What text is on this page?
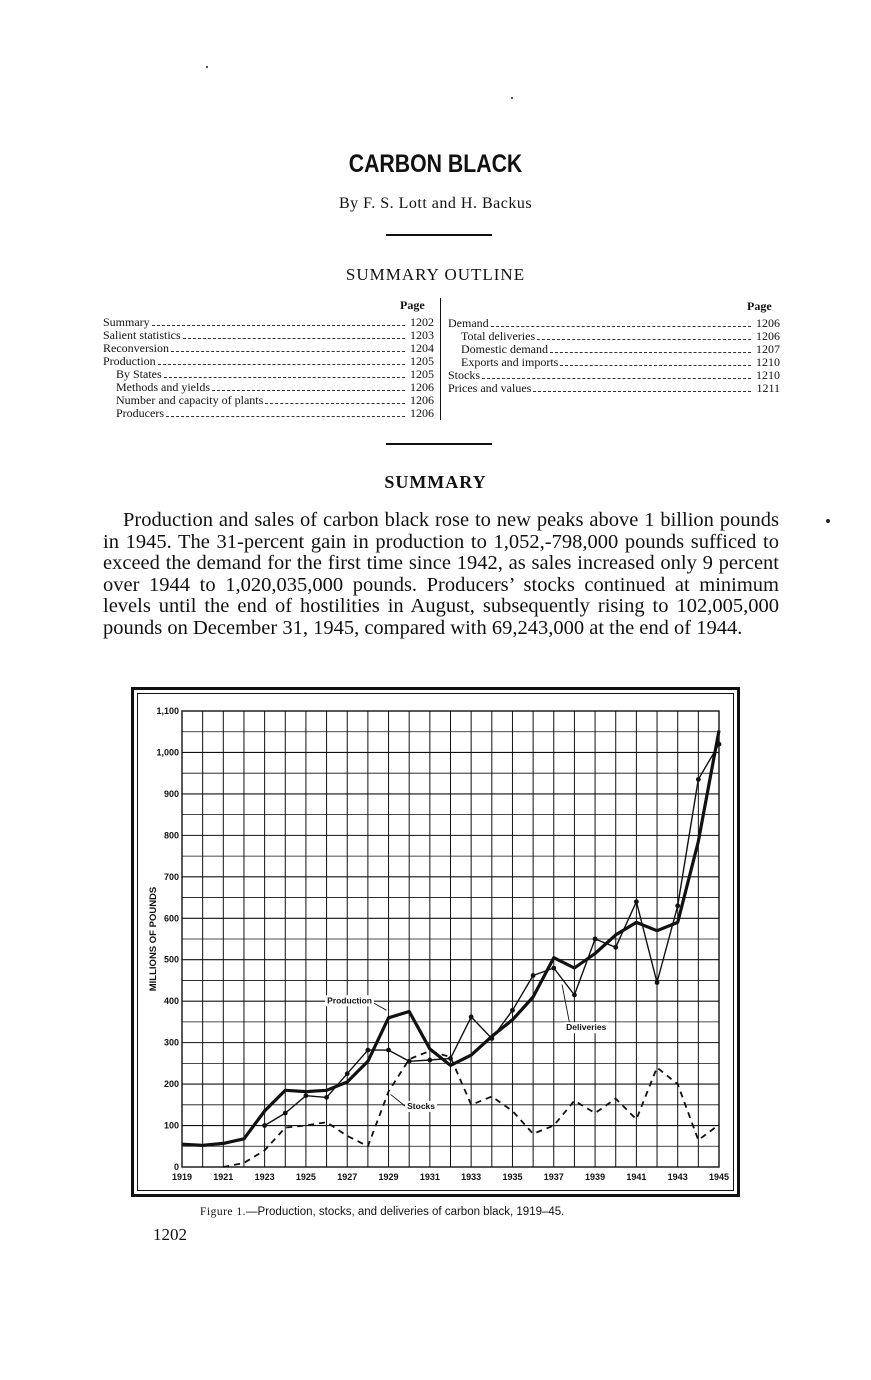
CARBON BLACK
By F. S. Lott and H. Backus
SUMMARY OUTLINE
Page	Page
Summary	1202
Salient statistics	1203
Reconversion	1204
Production	1205
By States	1205
Methods and yields	1206
Number and capacity of plants	1206
Producers	1206
Demand	1206
Total deliveries	1206
Domestic demand	1207
Exports and imports	1210
Stocks	1210
Prices and values	1211
SUMMARY
Production and sales of carbon black rose to new peaks above 1 billion pounds in 1945. The 31-percent gain in production to 1,052,-798,000 pounds sufficed to exceed the demand for the first time since 1942, as sales increased only 9 percent over 1944 to 1,020,035,000 pounds. Producers’ stocks continued at minimum levels until the end of hostilities in August, subsequently rising to 102,005,000 pounds on December 31, 1945, compared with 69,243,000 at the end of 1944.
0
100
200
300
400
500
600
700
800
900
1,000
1,100
1919 1921 1923 1925 1927 1929 1931 1933 1935 1937 1939 1941 1943 1945
MILLIONS OF POUNDS
Production
Deliveries
Stocks
Figure 1.—Production, stocks, and deliveries of carbon black, 1919–45.
1202
